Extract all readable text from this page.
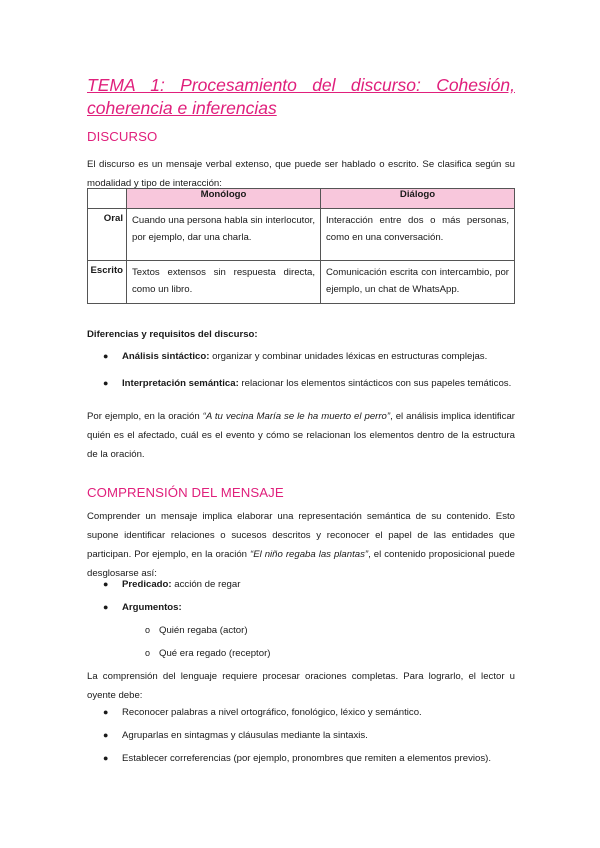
TEMA 1: Procesamiento del discurso: Cohesión, coherencia e inferencias
DISCURSO

El discurso es un mensaje verbal extenso, que puede ser hablado o escrito. Se clasifica según su modalidad y tipo de interacción:

	Monólogo	Diálogo
Oral	Cuando una persona habla sin interlocutor, por ejemplo, dar una charla.	Interacción entre dos o más personas, como en una conversación.
Escrito	Textos extensos sin respuesta directa, como un libro.	Comunicación escrita con intercambio, por ejemplo, un chat de WhatsApp.

Diferencias y requisitos del discurso:

● Análisis sintáctico: organizar y combinar unidades léxicas en estructuras complejas.
● Interpretación semántica: relacionar los elementos sintácticos con sus papeles temáticos.

Por ejemplo, en la oración “A tu vecina María se le ha muerto el perro”, el análisis implica identificar quién es el afectado, cuál es el evento y cómo se relacionan los elementos dentro de la estructura de la oración.

COMPRENSIÓN DEL MENSAJE

Comprender un mensaje implica elaborar una representación semántica de su contenido. Esto supone identificar relaciones o sucesos descritos y reconocer el papel de las entidades que participan. Por ejemplo, en la oración “El niño regaba las plantas”, el contenido proposicional puede desglosarse así:

● Predicado: acción de regar
● Argumentos:
o Quién regaba (actor)
o Qué era regado (receptor)

La comprensión del lenguaje requiere procesar oraciones completas. Para lograrlo, el lector u oyente debe:

● Reconocer palabras a nivel ortográfico, fonológico, léxico y semántico.
● Agruparlas en sintagmas y cláusulas mediante la sintaxis.
● Establecer correferencias (por ejemplo, pronombres que remiten a elementos previos).
